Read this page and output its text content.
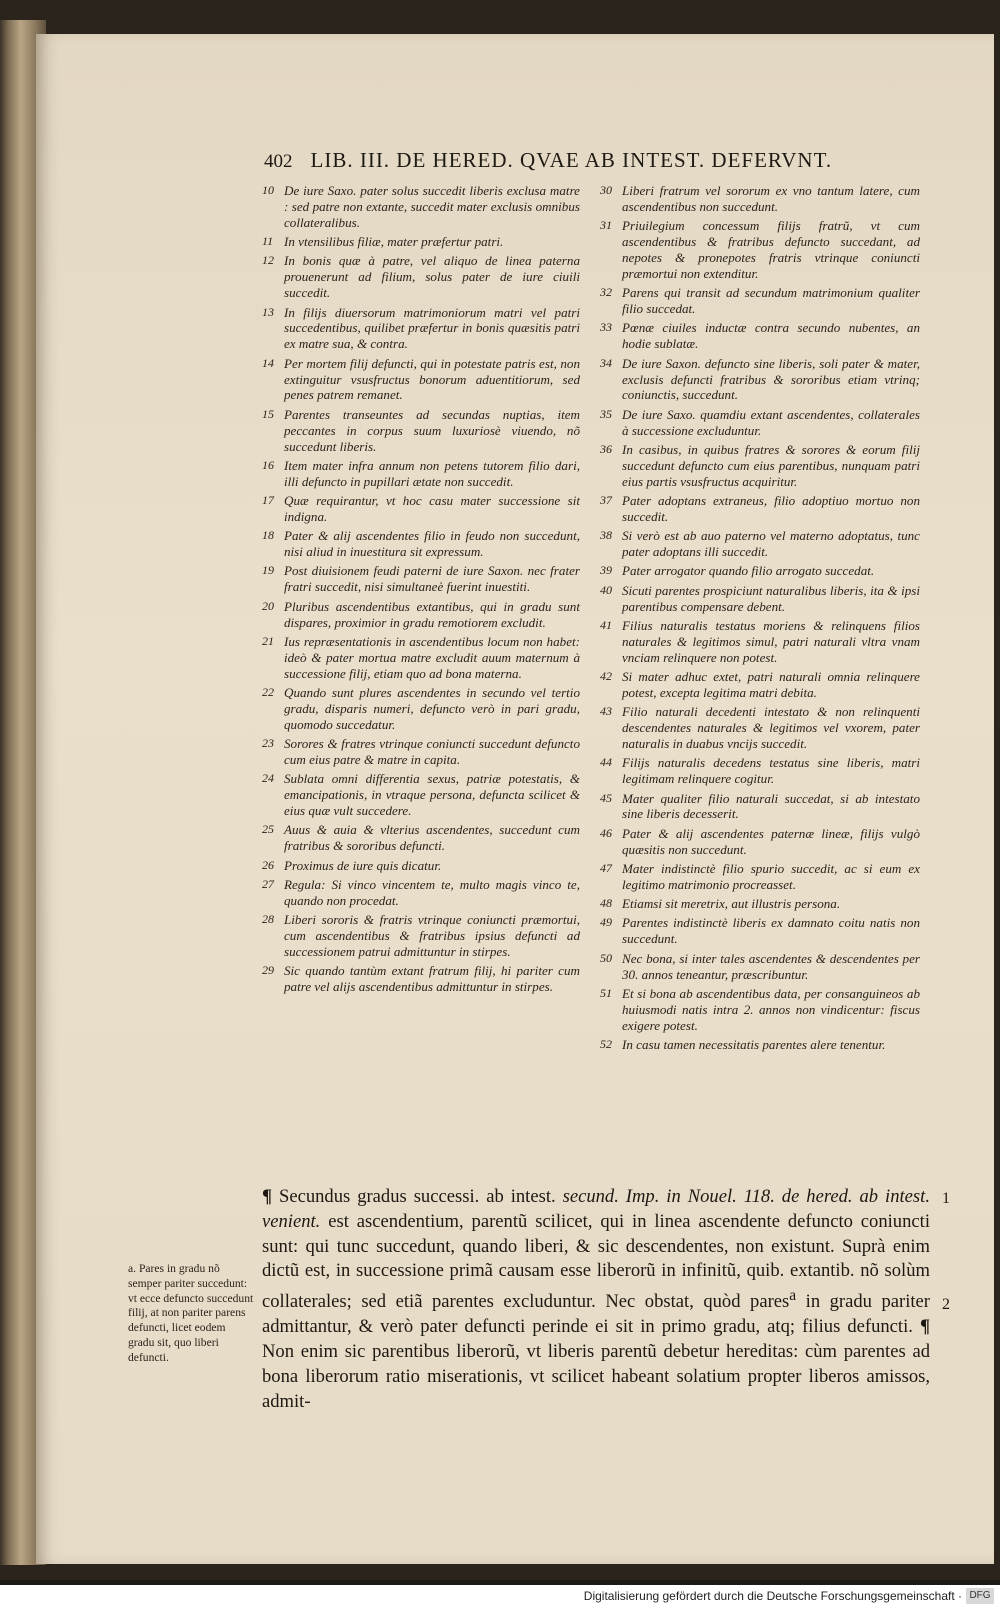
402 LIB. III. DE HERED. QVAE AB INTEST. DEFERVNT.
10 De iure Saxo. pater solus succedit liberis exclusa matre : sed patre non extante, succedit mater exclusis omnibus collateralibus.
11 In vtensilibus filiæ, mater præfertur patri.
12 In bonis quæ à patre, vel aliquo de linea paterna prouenerunt ad filium, solus pater de iure ciuili succedit.
13 In filijs diuersorum matrimoniorum matri vel patri succedentibus, quilibet præfertur in bonis quæsitis patri ex matre sua, & contra.
14 Per mortem filij defuncti, qui in potestate patris est, non extinguitur vsusfructus bonorum aduentitiorum, sed penes patrem remanet.
15 Parentes transeuntes ad secundas nuptias, item peccantes in corpus suum luxuriosè viuendo, nõ succedunt liberis.
16 Item mater infra annum non petens tutorem filio dari, illi defuncto in pupillari ætate non succedit.
17 Quæ requirantur, vt hoc casu mater successione sit indigna.
18 Pater & alij ascendentes filio in feudo non succedunt, nisi aliud in inuestitura sit expressum.
19 Post diuisionem feudi paterni de iure Saxon. nec frater fratri succedit, nisi simultaneè fuerint inuestiti.
20 Pluribus ascendentibus extantibus, qui in gradu sunt dispares, proximior in gradu remotiorem excludit.
21 Ius repræsentationis in ascendentibus locum non habet: ideò & pater mortua matre excludit auum maternum à successione filij, etiam quo ad bona materna.
22 Quando sunt plures ascendentes in secundo vel tertio gradu, disparis numeri, defuncto verò in pari gradu, quomodo succedatur.
23 Sorores & fratres vtrinque coniuncti succedunt defuncto cum eius patre & matre in capita.
24 Sublata omni differentia sexus, patriæ potestatis, & emancipationis, in vtraque persona, defuncta scilicet & eius quæ vult succedere.
25 Auus & auia & vlterius ascendentes, succedunt cum fratribus & sororibus defuncti.
26 Proximus de iure quis dicatur.
27 Regula: Si vinco vincentem te, multo magis vinco te, quando non procedat.
28 Liberi sororis & fratris vtrinque coniuncti præmortui, cum ascendentibus & fratribus ipsius defuncti ad successionem patrui admittuntur in stirpes.
29 Sic quando tantùm extant fratrum filij, hi pariter cum patre vel alijs ascendentibus admittuntur in stirpes.
30 Liberi fratrum vel sororum ex vno tantum latere, cum ascendentibus non succedunt.
31 Priuilegium concessum filijs fratrũ, vt cum ascendentibus & fratribus defuncto succedant, ad nepotes & pronepotes fratris vtrinque coniuncti præmortui non extenditur.
32 Parens qui transit ad secundum matrimonium qualiter filio succedat.
33 Pœnæ ciuiles inductæ contra secundo nubentes, an hodie sublatæ.
34 De iure Saxon. defuncto sine liberis, soli pater & mater, exclusis defuncti fratribus & sororibus etiam vtrinq; coniunctis, succedunt.
35 De iure Saxo. quamdiu extant ascendentes, collaterales à successione excluduntur.
36 In casibus, in quibus fratres & sorores & eorum filij succedunt defuncto cum eius parentibus, nunquam patri eius partis vsusfructus acquiritur.
37 Pater adoptans extraneus, filio adoptiuo mortuo non succedit.
38 Si verò est ab auo paterno vel materno adoptatus, tunc pater adoptans illi succedit.
39 Pater arrogator quando filio arrogato succedat.
40 Sicuti parentes prospiciunt naturalibus liberis, ita & ipsi parentibus compensare debent.
41 Filius naturalis testatus moriens & relinquens filios naturales & legitimos simul, patri naturali vltra vnam vnciam relinquere non potest.
42 Si mater adhuc extet, patri naturali omnia relinquere potest, excepta legitima matri debita.
43 Filio naturali decedenti intestato & non relinquenti descendentes naturales & legitimos vel vxorem, pater naturalis in duabus vncijs succedit.
44 Filijs naturalis decedens testatus sine liberis, matri legitimam relinquere cogitur.
45 Mater qualiter filio naturali succedat, si ab intestato sine liberis decesserit.
46 Pater & alij ascendentes paternæ lineæ, filijs vulgò quæsitis non succedunt.
47 Mater indistinctè filio spurio succedit, ac si eum ex legitimo matrimonio procreasset.
48 Etiamsi sit meretrix, aut illustris persona.
49 Parentes indistinctè liberis ex damnato coitu natis non succedunt.
50 Nec bona, si inter tales ascendentes & descendentes per 30. annos teneantur, præscribuntur.
51 Et si bona ab ascendentibus data, per consanguineos ab huiusmodi natis intra 2. annos non vindicentur: fiscus exigere potest.
52 In casu tamen necessitatis parentes alere tenentur.
¶ Secundus gradus successi. ab intest. secund. Imp. in Nouel. 118. de hered. ab intest. venient. est ascendentium, parentũ scilicet, qui in linea ascendente defuncto coniuncti sunt: qui tunc succedunt, quando liberi, & sic descendentes, non existunt. Suprà enim dictũ est, in successione primã causam esse liberorũ in infinitũ, quib. extantib. nõ solùm collaterales; sed etiã parentes excluduntur. Nec obstat, quòd pares$^a$ in gradu pariter admittantur, & verò pater defuncti perinde ei sit in primo gradu, atq; filius defuncti. ¶ Non enim sic parentibus liberorũ, vt liberis parentũ debetur hereditas: cùm parentes ad bona liberorum ratio miserationis, vt scilicet habeant solatium propter liberos amissos, admit-
1
2
a. Pares in gradu nõ semper pariter succedunt: vt ecce defuncto succedunt filij, at non pariter parens defuncti, licet eodem gradu sit, quo liberi defuncti.
Digitalisierung gefördert durch die Deutsche Forschungsgemeinschaft · DFG
